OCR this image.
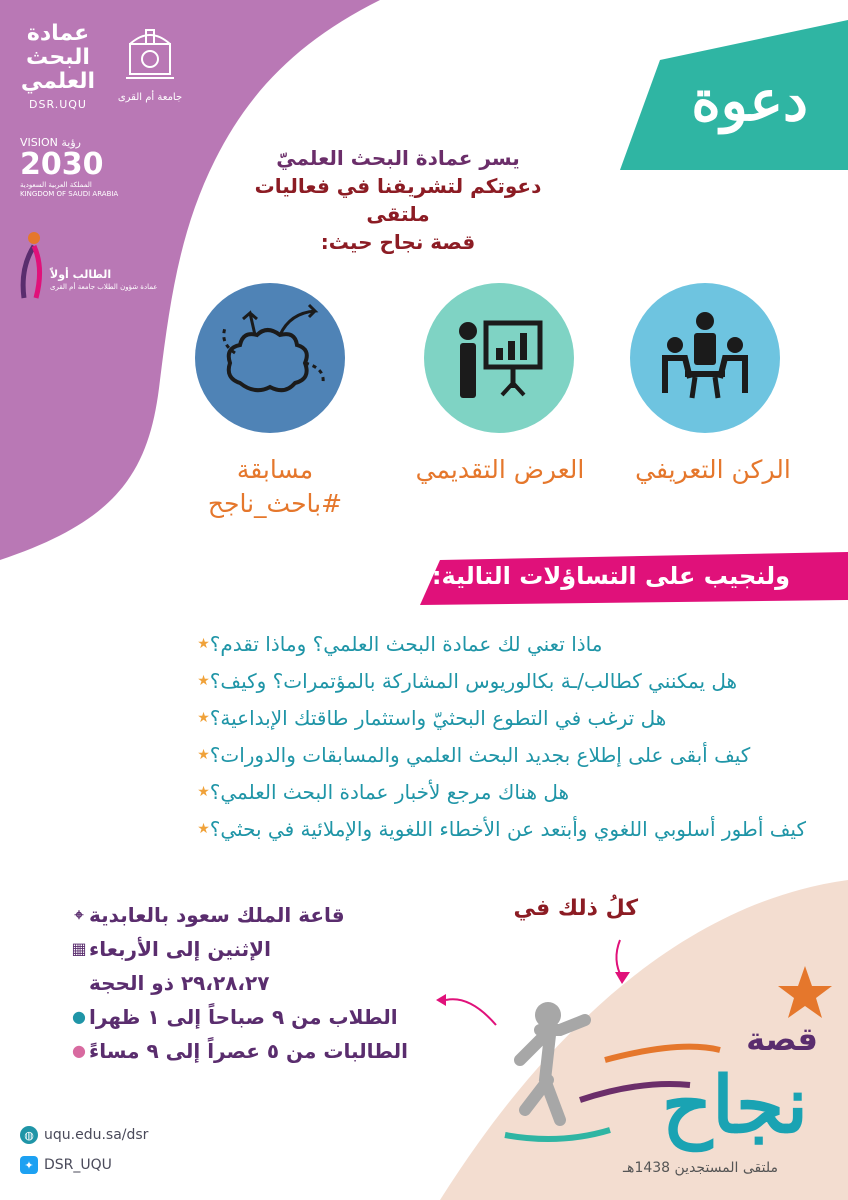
عمادة البحث العلمي
DSR.UQU
جامعة أم القرى
VISION رؤية
2030
المملكة العربية السعودية
KINGDOM OF SAUDI ARABIA
الطالب أولاً
عمادة شؤون الطلاب جامعة أم القرى
دعوة
يسر عمادة البحث العلميّ
دعوتكم لتشريفنا في فعاليات ملتقى
قصة نجاح حيث:
الركن التعريفي
العرض التقديمي
مسابقة
#باحث_ناجح
ولنجيب على التساؤلات التالية:
★ ماذا تعني لك عمادة البحث العلمي؟ وماذا تقدم؟
★ هل يمكنني كطالب/ـة بكالوريوس المشاركة بالمؤتمرات؟ وكيف؟
★ هل ترغب في التطوع البحثيّ واستثمار طاقتك الإبداعية؟
★ كيف أبقى على إطلاع بجديد البحث العلمي والمسابقات والدورات؟
★ هل هناك مرجع لأخبار عمادة البحث العلمي؟
★ كيف أطور أسلوبي اللغوي وأبتعد عن الأخطاء اللغوية والإملائية في بحثي؟
كلُ ذلك في
⌖ قاعة الملك سعود بالعابدية
▦ الإثنين إلى الأربعاء
٢٩،٢٨،٢٧ ذو الحجة
● الطلاب من ٩ صباحاً إلى ١ ظهرا
● الطالبات من ٥ عصراً إلى ٩ مساءً	قصة
نجاح
ملتقى المستجدين 1438هـ
◍ uqu.edu.sa/dsr
✦ DSR_UQU
